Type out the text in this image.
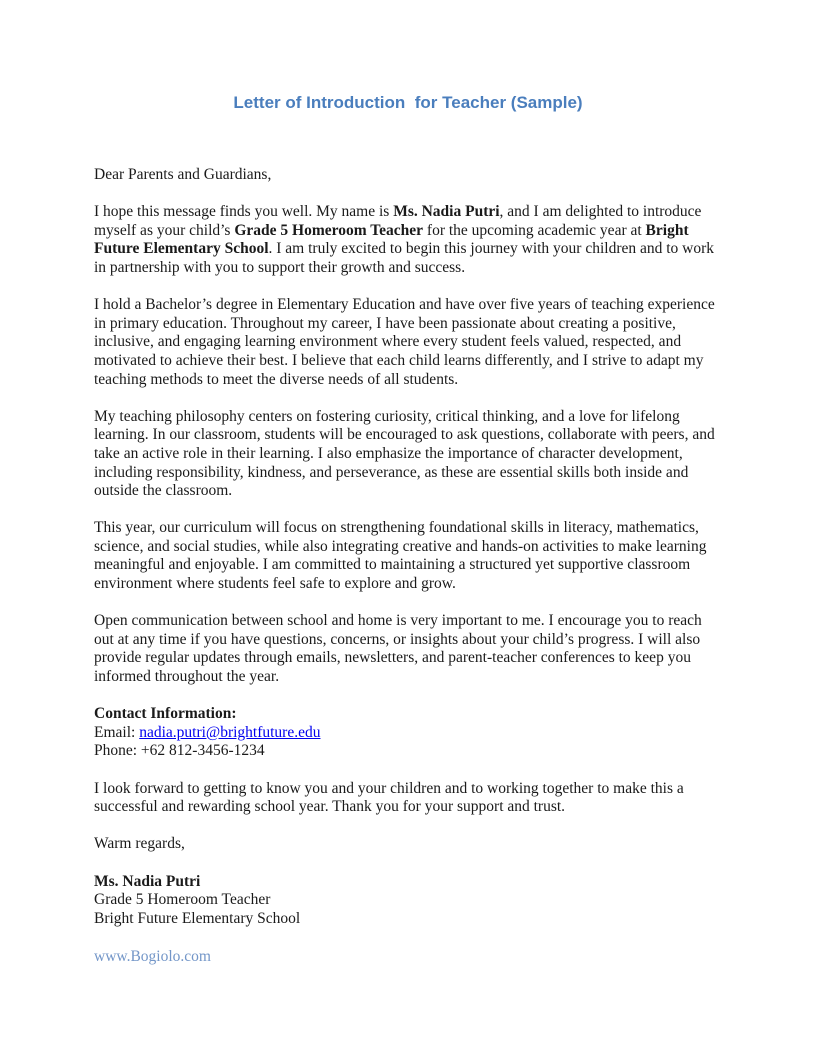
Letter of Introduction  for Teacher (Sample)

Dear Parents and Guardians,

I hope this message finds you well. My name is Ms. Nadia Putri, and I am delighted to introduce myself as your child’s Grade 5 Homeroom Teacher for the upcoming academic year at Bright Future Elementary School. I am truly excited to begin this journey with your children and to work in partnership with you to support their growth and success.

I hold a Bachelor’s degree in Elementary Education and have over five years of teaching experience in primary education. Throughout my career, I have been passionate about creating a positive, inclusive, and engaging learning environment where every student feels valued, respected, and motivated to achieve their best. I believe that each child learns differently, and I strive to adapt my teaching methods to meet the diverse needs of all students.

My teaching philosophy centers on fostering curiosity, critical thinking, and a love for lifelong learning. In our classroom, students will be encouraged to ask questions, collaborate with peers, and take an active role in their learning. I also emphasize the importance of character development, including responsibility, kindness, and perseverance, as these are essential skills both inside and outside the classroom.

This year, our curriculum will focus on strengthening foundational skills in literacy, mathematics, science, and social studies, while also integrating creative and hands-on activities to make learning meaningful and enjoyable. I am committed to maintaining a structured yet supportive classroom environment where students feel safe to explore and grow.

Open communication between school and home is very important to me. I encourage you to reach out at any time if you have questions, concerns, or insights about your child’s progress. I will also provide regular updates through emails, newsletters, and parent-teacher conferences to keep you informed throughout the year.

Contact Information:

Email: nadia.putri@brightfuture.edu

Phone: +62 812-3456-1234

I look forward to getting to know you and your children and to working together to make this a successful and rewarding school year. Thank you for your support and trust.

Warm regards,

Ms. Nadia Putri

Grade 5 Homeroom Teacher

Bright Future Elementary School

www.Bogiolo.com
